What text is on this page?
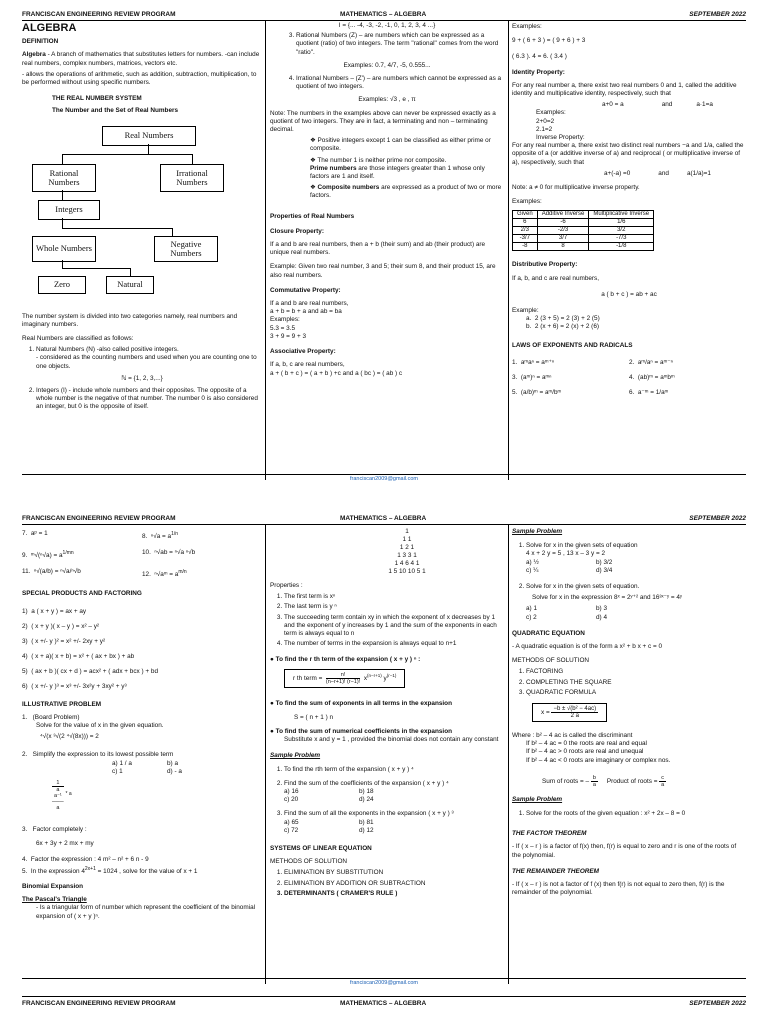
FRANCISCAN ENGINEERING REVIEW PROGRAM	MATHEMATICS – ALGEBRA	SEPTEMBER 2022
ALGEBRA
DEFINITION
Algebra - A branch of mathematics that substitutes letters for numbers. -can include real numbers, complex numbers, matrices, vectors etc.
- allows the operations of arithmetic, such as addition, subtraction, multiplication, to be performed without using specific numbers.
THE REAL NUMBER SYSTEM
The Number and the Set of Real Numbers
Real Numbers
Rational Numbers
Irrational Numbers
Integers
Whole Numbers	Negative Numbers
Zero	Natural
The number system is divided into two categories namely, real numbers and imaginary numbers.
Real Numbers are classified as follows:
1. Natural Numbers (N) -also called positive integers.
- considered as the counting numbers and used when you are counting one to one objects.
ℕ = {1, 2, 3,...}
2. Integers (I) - include whole numbers and their opposites. The opposite of a whole number is the negative of that number. The number 0 is also considered an integer, but 0 is the opposite of itself.
I = {... -4, -3, -2, -1, 0, 1, 2, 3, 4 ...}
3. Rational Numbers (Z) – are numbers which can be expressed as a quotient (ratio) of two integers. The term "rational" comes from the word "ratio".
Examples: 0.7, 4/7, -5, 0.555...
4. Irrational Numbers – (Z') – are numbers which cannot be expressed as a quotient of two integers.
Examples: √3 , e , π
Note: The numbers in the examples above can never be expressed exactly as a quotient of two integers. They are in fact, a terminating and non – terminating decimal.
❖ Positive integers except 1 can be classified as either prime or composite.
❖ The number 1 is neither prime nor composite.
Prime numbers are those integers greater than 1 whose only factors are 1 and itself.
❖ Composite numbers are expressed as a product of two or more factors.
Properties of Real Numbers
Closure Property:
If a and b are real numbers, then a + b (their sum) and ab (their product) are unique real numbers.
Example: Given two real number, 3 and 5; their sum 8, and their product 15, are also real numbers.
Commutative Property:
If a and b are real numbers,
a + b = b + a and ab = ba
Examples:
5.3 = 3.5
3 + 9 = 9 + 3
Associative Property:
If a, b, c are real numbers,
a + ( b + c ) = ( a + b ) +c and a ( bc ) = ( ab ) c
Examples:
9 + ( 6 + 3 ) = ( 9 + 6 ) + 3
( 6.3 ). 4 = 6. ( 3.4 )
Identity Property:
For any real number a, there exist two real numbers 0 and 1, called the additive identity and multiplicative identity, respectively, such that
a+0 = a	and	a·1=a
Examples:
2+0=2
2.1=2
Inverse Property:
For any real number a, there exist two distinct real numbers −a and 1/a, called the opposite of a (or additive inverse of a) and reciprocal ( or multiplicative inverse of a), respectively, such that
a+(-a) =0	and	a(1/a)=1
Note: a ≠ 0 for multiplicative inverse property.
Examples:
Given	Additive Inverse	Multiplicative Inverse
6	-6	1/6
2/3	-2/3	3/2
-3/7	3/7	-7/3
-8	8	-1/8
Distributive Property:
If a, b, and c are real numbers,
a ( b + c ) = ab + ac
Example:
a.  2 (3 + 5) = 2 (3) + 2 (5)
b.  2 (x + 6) = 2 (x) + 2 (6)
LAWS OF EXPONENTS AND RADICALS
1.  aᵐaⁿ = aᵐ⁺ⁿ	2.  aᵐ/aⁿ = aᵐ⁻ⁿ
3.  (aᵐ)ⁿ = aᵐⁿ	4.  (ab)ᵐ = aᵐbᵐ
5.  (a/b)ᵐ = aᵐ/bᵐ	6.  a⁻ᵐ = 1/aᵐ
franciscan2009@gmail.com
FRANCISCAN ENGINEERING REVIEW PROGRAM	MATHEMATICS – ALGEBRA	SEPTEMBER 2022
7.  aᵖ = 1	8.  $^n√a = a^{1/n}$
9.  ᵐ√(ⁿ√a) = $a^{1/mn}$	10.  ⁿ√ab = ⁿ√a ⁿ√b
11.  ⁿ√(a/b) = ⁿ√a/ⁿ√b	12.  ⁿ√aᵐ = $a^{m/n}$
SPECIAL PRODUCTS AND FACTORING
1)  a ( x + y ) = ax + ay
2)  ( x + y )( x – y ) = x² – y²
3)  ( x +/- y )² = x² +/- 2xy + y²
4)  ( x + a)( x + b) = x² + ( ax + bx ) + ab
5)  ( ax + b )( cx + d ) = acx² + ( adx + bcx ) + bd
6)  ( x +/- y )³ = x³ +/- 3x²y + 3xy² + y³
ILLUSTRATIVE PROBLEM
1.   (Board Problem)
Solve for the value of x in the given equation.
⁴√(x ³√(2 ⁴√(8x))) = 2
2.   Simplify the expression to its lowest possible term
a) 1 / a	b) a
c) 1	d) - a
1
a
a⁻¹
───
a
* a
3.   Factor completely :
6x + 3y + 2 mx + my
4.  Factor the expression : 4 m² – n² + 6 n - 9
5.  In the expression $4^{2x+1} = 1024$ , solve for the value of x + 1
Binomial Expansion
The Pascal's Triangle
- Is a triangular form of number which represent the coefficient of the binomial expansion of ( x + y )ⁿ.
1
1 1
1 2 1
1 3 3 1
1 4 6 4 1
1 5 10 10 5 1
Properties :
1. The first term is xⁿ
2. The last term is y ⁿ
3. The succeeding term contain xy in which the exponent of x decreases by 1 and the exponent of y increases by 1 and the sum of the exponents in each term is always equal to n
4. The number of terms in the expansion is always equal to n+1
● To find the r th term of the expansion ( x + y ) ⁿ :
r th term = $\frac{n!}{(n-r+1)! (r-1)!} x^{(n-r+1)}$ $y^{(r-1)}$
● To find the sum of exponents in all terms in the expansion
S = ( n + 1 ) n
● To find the sum of numerical coefficients in the expansion
Substitute x and y = 1 , provided the binomial does not contain any constant
Sample Problem
1. To find the rth term of the expansion ( x + y ) ⁴
2. Find the sum of the coefficients of the expansion ( x + y ) ⁴
a) 16	b) 18
c) 20	d) 24
3. Find the sum of all the exponents in the expansion ( x + y ) ³
a) 65	b) 81
c) 72	d) 12
SYSTEMS OF LINEAR EQUATION
METHODS OF SOLUTION
1. ELIMINATION BY SUBSTITUTION
2. ELIMINATION BY ADDITION OR SUBTRACTION
3. DETERMINANTS ( CRAMER'S RULE )
Sample Problem
1. Solve for x in the given sets of equation
4 x + 2 y = 5 , 13 x – 3 y = 2
a) ½	b) 3/2
c) ¼	d) 3/4
2. Solve for x in the given sets of equation.
Solve for x in the expression 8ˣ = 2ʸ⁺² and 16³ˣ⁻ʸ = 4ʸ
a) 1	b) 3
c) 2	d) 4
QUADRATIC EQUATION
- A quadratic equation is of the form a x² + b x + c = 0
METHODS OF SOLUTION
1. FACTORING
2. COMPLETING THE SQUARE
3. QUADRATIC FORMULA
$x = \frac{\text{−b ± √(b² − 4ac)}}{2 a}$
Where : b² – 4 ac is called the discriminant
If b² – 4 ac = 0 the roots are real and equal
If b² – 4 ac > 0 roots are real and unequal
If b² – 4 ac < 0 roots are imaginary or complex nos.
Sum of roots = – $\frac{b}{a}$ Product of roots = $\frac{c}{a}$
Sample Problem
1. Solve for the roots of the given equation : x² + 2x – 8 = 0
THE FACTOR THEOREM
- If ( x – r ) is a factor of f(x) then, f(r) is equal to zero and r is one of the roots of the polynomial.
THE REMAINDER THEOREM
- If ( x – r ) is not a factor of f (x) then f(r) is not equal to zero then, f(r) is the remainder of the polynomial.
franciscan2009@gmail.com
FRANCISCAN ENGINEERING REVIEW PROGRAM	MATHEMATICS – ALGEBRA	SEPTEMBER 2022
